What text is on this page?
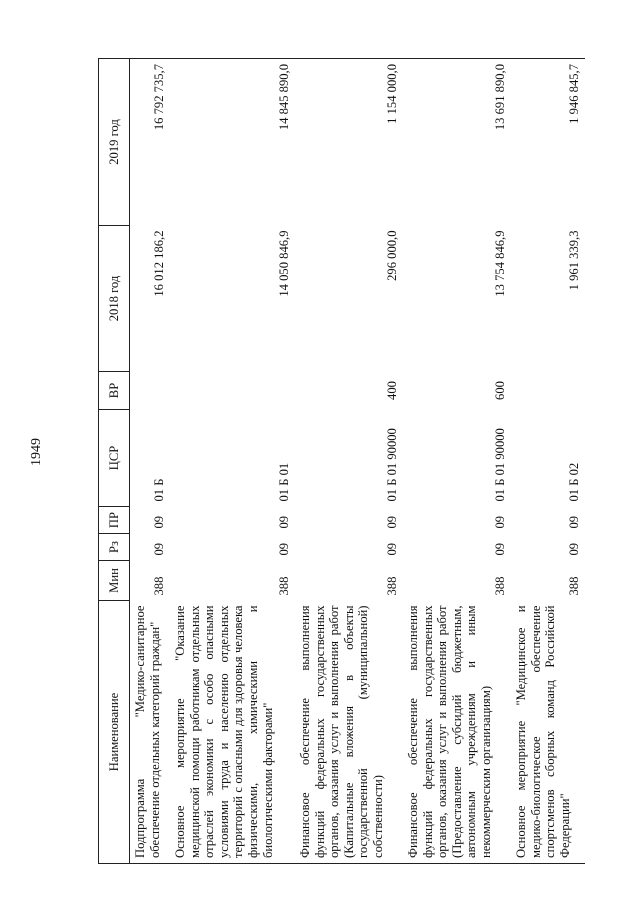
1949
Наименование	Мин	Рз	ПР	ЦСР	ВР	2018 год	2019 год
Подпрограмма "Медико-санитарное обеспечение отдельных категорий граждан"	388	09	09	01 Б		16 012 186,2	16 792 735,7
Основное мероприятие "Оказание медицинской помощи работникам отдельных отраслей экономики с особо опасными условиями труда и населению отдельных территорий с опасными для здоровья человека физическими, химическими и биологическими факторами"	388	09	09	01 Б 01		14 050 846,9	14 845 890,0
Финансовое обеспечение выполнения функций федеральных государственных органов, оказания услуг и выполнения работ (Капитальные вложения в объекты государственной (муниципальной) собственности)	388	09	09	01 Б 01 90000	400	296 000,0	1 154 000,0
Финансовое обеспечение выполнения функций федеральных государственных органов, оказания услуг и выполнения работ (Предоставление субсидий бюджетным, автономным учреждениям и иным некоммерческим организациям)	388	09	09	01 Б 01 90000	600	13 754 846,9	13 691 890,0
Основное мероприятие "Медицинское и медико-биологическое обеспечение спортсменов сборных команд Российской Федерации"	388	09	09	01 Б 02		1 961 339,3	1 946 845,7
